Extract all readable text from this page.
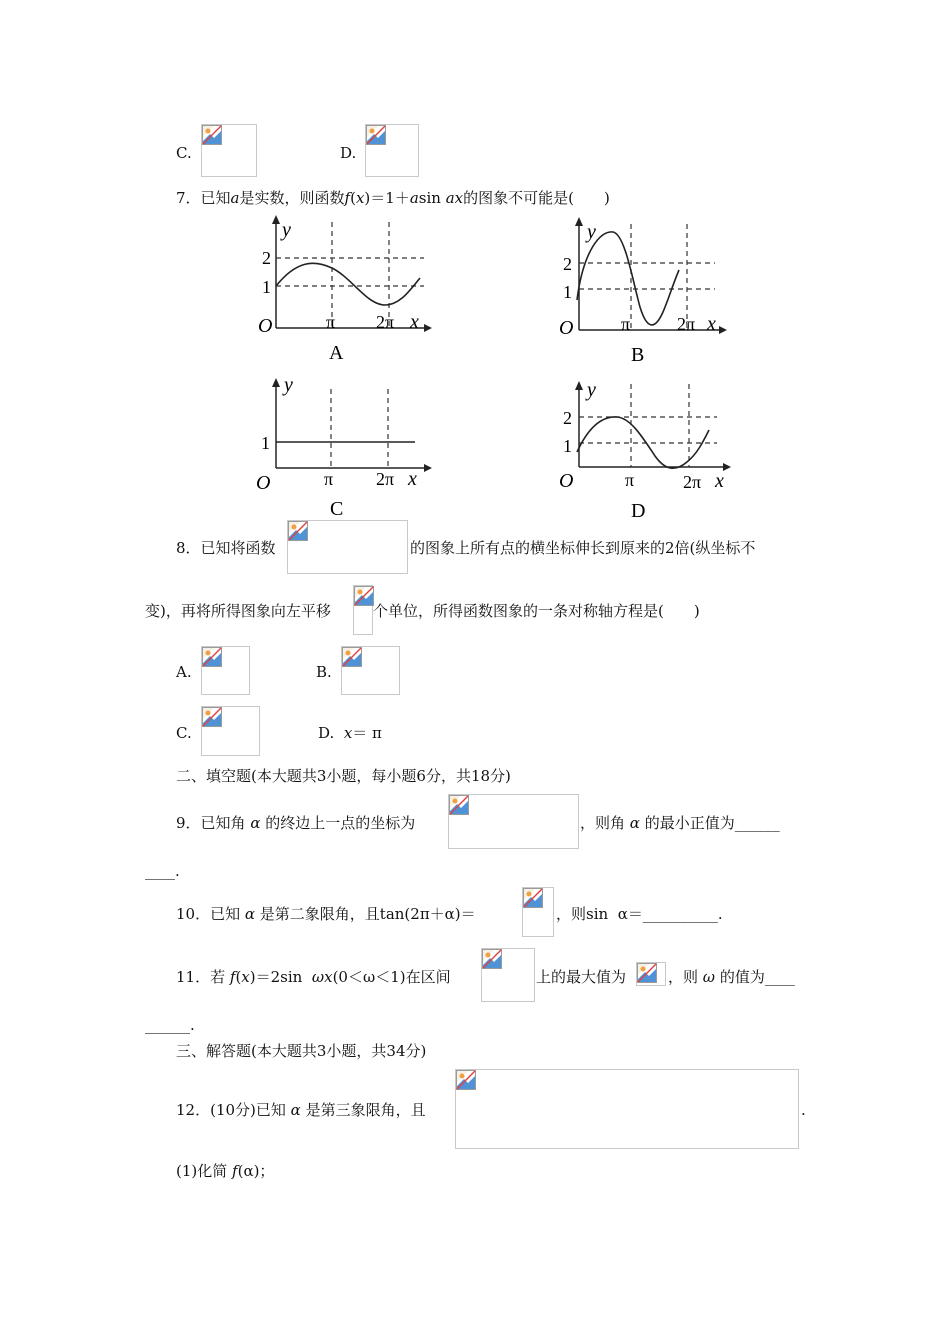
C.	D.
7．已知a是实数，则函数f(x)＝1＋asin ax的图象不可能是(　　)
y
2
1
O	π 2π x
A
y
2
1
O	π	2π x
B
y
1
O	π 2π x
C
y
2
1
O	π	2π x
D
8．已知将函数	的图象上所有点的横坐标伸长到原来的2倍(纵坐标不
变)，再将所得图象向左平移	个单位，所得函数图象的一条对称轴方程是(　　)
A.	B.
C.	D. x＝ π
二、填空题(本大题共3小题，每小题6分，共18分)
9．已知角 α 的终边上一点的坐标为	，则角 α 的最小正值为______
____.
10．已知 α 是第二象限角，且tan(2π＋α)＝	，则sin α＝__________.
11．若 f(x)＝2sin ωx(0＜ω＜1)在区间	上的最大值为	，则 ω 的值为____
______.
三、解答题(本大题共3小题，共34分)
12．(10分)已知 α 是第三象限角，且	.
(1)化简 f(α)；
